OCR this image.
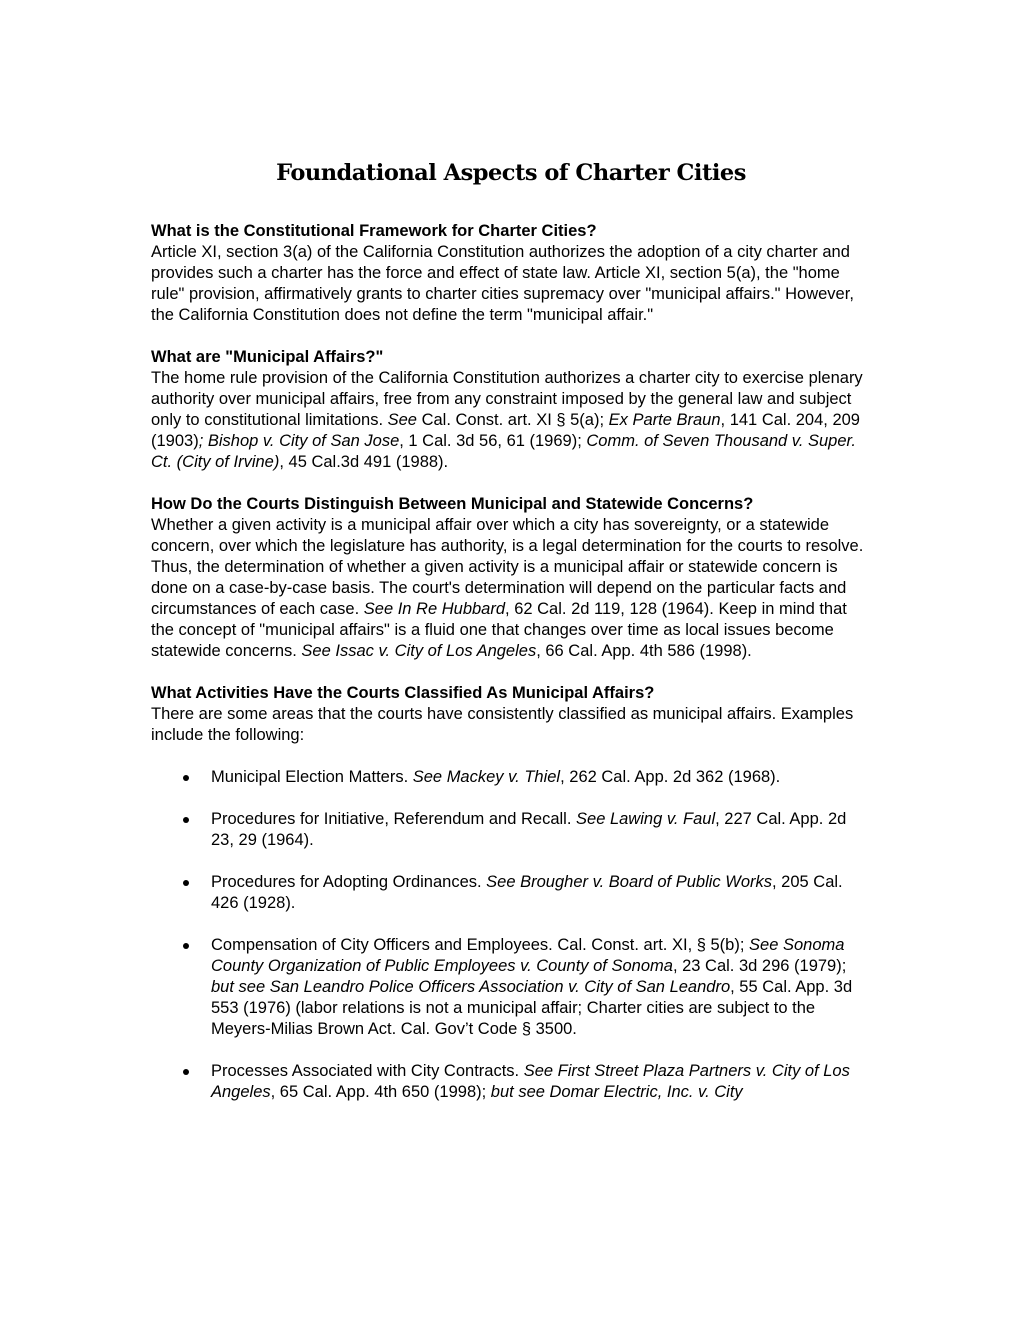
Foundational Aspects of Charter Cities

What is the Constitutional Framework for Charter Cities?

Article XI, section 3(a) of the California Constitution authorizes the adoption of a city charter and provides such a charter has the force and effect of state law. Article XI, section 5(a), the "home rule" provision, affirmatively grants to charter cities supremacy over "municipal affairs." However, the California Constitution does not define the term "municipal affair."

What are "Municipal Affairs?"

The home rule provision of the California Constitution authorizes a charter city to exercise plenary authority over municipal affairs, free from any constraint imposed by the general law and subject only to constitutional limitations. See Cal. Const. art. XI § 5(a); Ex Parte Braun, 141 Cal. 204, 209 (1903); Bishop v. City of San Jose, 1 Cal. 3d 56, 61 (1969); Comm. of Seven Thousand v. Super. Ct. (City of Irvine), 45 Cal.3d 491 (1988).

How Do the Courts Distinguish Between Municipal and Statewide Concerns?

Whether a given activity is a municipal affair over which a city has sovereignty, or a statewide concern, over which the legislature has authority, is a legal determination for the courts to resolve. Thus, the determination of whether a given activity is a municipal affair or statewide concern is done on a case-by-case basis. The court's determination will depend on the particular facts and circumstances of each case. See In Re Hubbard, 62 Cal. 2d 119, 128 (1964). Keep in mind that the concept of "municipal affairs" is a fluid one that changes over time as local issues become statewide concerns. See Issac v. City of Los Angeles, 66 Cal. App. 4th 586 (1998).

What Activities Have the Courts Classified As Municipal Affairs?

There are some areas that the courts have consistently classified as municipal affairs. Examples include the following:

Municipal Election Matters. See Mackey v. Thiel, 262 Cal. App. 2d 362 (1968).
Procedures for Initiative, Referendum and Recall. See Lawing v. Faul, 227 Cal. App. 2d 23, 29 (1964).
Procedures for Adopting Ordinances. See Brougher v. Board of Public Works, 205 Cal. 426 (1928).
Compensation of City Officers and Employees. Cal. Const. art. XI, § 5(b); See Sonoma County Organization of Public Employees v. County of Sonoma, 23 Cal. 3d 296 (1979); but see San Leandro Police Officers Association v. City of San Leandro, 55 Cal. App. 3d 553 (1976) (labor relations is not a municipal affair; Charter cities are subject to the Meyers-Milias Brown Act. Cal. Gov’t Code § 3500.
Processes Associated with City Contracts. See First Street Plaza Partners v. City of Los Angeles, 65 Cal. App. 4th 650 (1998); but see Domar Electric, Inc. v. City
